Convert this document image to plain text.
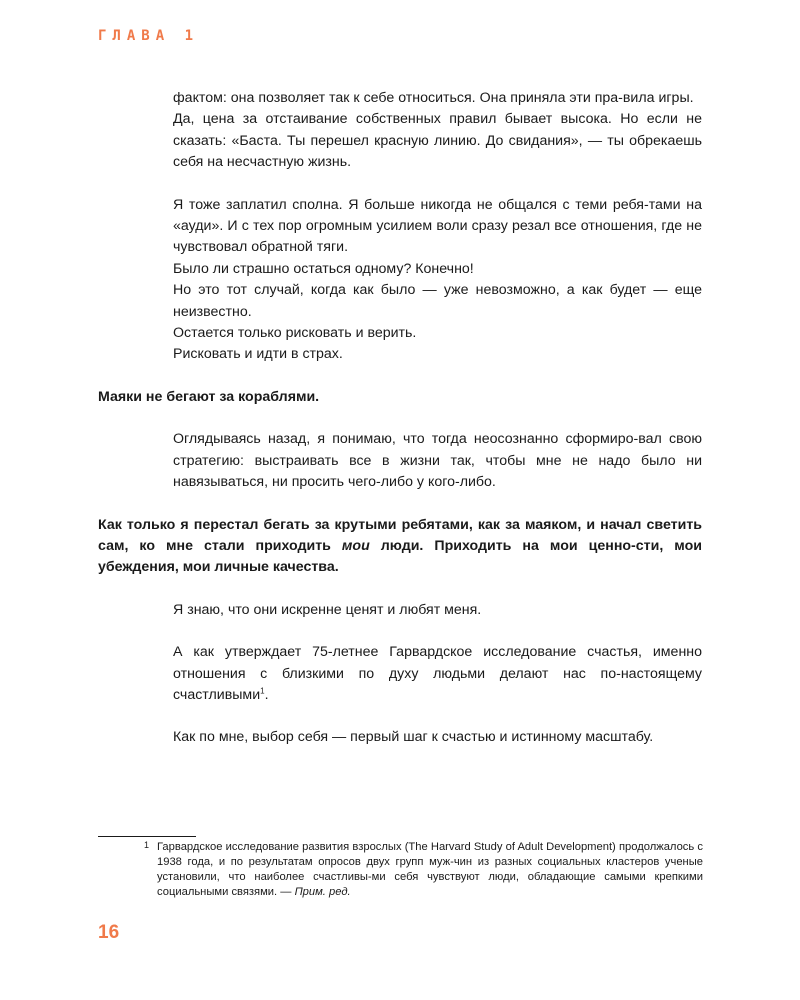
ГЛАВА 1

фактом: она позволяет так к себе относиться. Она приняла эти пра-вила игры.

Да, цена за отстаивание собственных правил бывает высока. Но если не сказать: «Баста. Ты перешел красную линию. До свидания», — ты обрекаешь себя на несчастную жизнь.

Я тоже заплатил сполна. Я больше никогда не общался с теми ребя-тами на «ауди». И с тех пор огромным усилием воли сразу резал все отношения, где не чувствовал обратной тяги.

Было ли страшно остаться одному? Конечно!

Но это тот случай, когда как было — уже невозможно, а как будет — еще неизвестно.

Остается только рисковать и верить.

Рисковать и идти в страх.

Маяки не бегают за кораблями.

Оглядываясь назад, я понимаю, что тогда неосознанно сформиро-вал свою стратегию: выстраивать все в жизни так, чтобы мне не надо было ни навязываться, ни просить чего-либо у кого-либо.

Как только я перестал бегать за крутыми ребятами, как за маяком, и начал светить сам, ко мне стали приходить мои люди. Приходить на мои ценно-сти, мои убеждения, мои личные качества.

Я знаю, что они искренне ценят и любят меня.

А как утверждает 75-летнее Гарвардское исследование счастья, именно отношения с близкими по духу людьми делают нас по-настоящему счастливыми$^1$.

Как по мне, выбор себя — первый шаг к счастью и истинному масштабу.

1 Гарвардское исследование развития взрослых (The Harvard Study of Adult Development) продолжалось с 1938 года, и по результатам опросов двух групп муж-чин из разных социальных кластеров ученые установили, что наиболее счастливы-ми себя чувствуют люди, обладающие самыми крепкими социальными связями. — Прим. ред.

16
